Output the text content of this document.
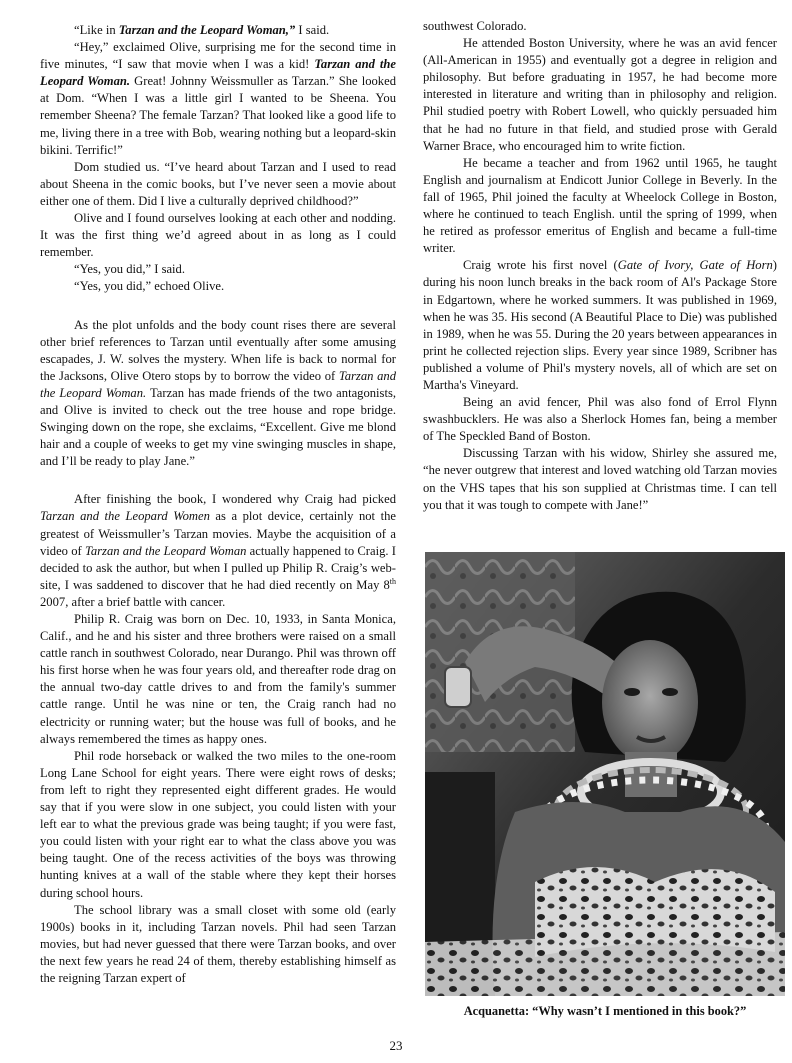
“Like in Tarzan and the Leopard Woman,” I said.

“Hey,” exclaimed Olive, surprising me for the second time in five minutes, “I saw that movie when I was a kid! Tarzan and the Leopard Woman. Great! Johnny Weissmuller as Tarzan.” She looked at Dom. “When I was a little girl I wanted to be Sheena. You remember Sheena? The female Tarzan? That looked like a good life to me, living there in a tree with Bob, wearing nothing but a leopard-skin bikini. Terrific!”

Dom studied us. “I’ve heard about Tarzan and I used to read about Sheena in the comic books, but I’ve never seen a movie about either one of them. Did I live a culturally deprived childhood?”

Olive and I found ourselves looking at each other and nodding. It was the first thing we’d agreed about in as long as I could remember.

“Yes, you did,” I said.

“Yes, you did,” echoed Olive.

As the plot unfolds and the body count rises there are several other brief references to Tarzan until eventually after some amusing escapades, J. W. solves the mystery. When life is back to normal for the Jacksons, Olive Otero stops by to borrow the video of Tarzan and the Leopard Woman. Tarzan has made friends of the two antagonists, and Olive is invited to check out the tree house and rope bridge. Swinging down on the rope, she exclaims, “Excellent. Give me blond hair and a couple of weeks to get my vine swinging muscles in shape, and I’ll be ready to play Jane.”

After finishing the book, I wondered why Craig had picked Tarzan and the Leopard Women as a plot device, certainly not the greatest of Weissmuller’s Tarzan movies. Maybe the acquisition of a video of Tarzan and the Leopard Woman actually happened to Craig. I decided to ask the author, but when I pulled up Philip R. Craig’s web-site, I was saddened to discover that he had died recently on May 8th 2007, after a brief battle with cancer.

Philip R. Craig was born on Dec. 10, 1933, in Santa Monica, Calif., and he and his sister and three brothers were raised on a small cattle ranch in southwest Colorado, near Durango. Phil was thrown off his first horse when he was four years old, and thereafter rode drag on the annual two-day cattle drives to and from the family's summer cattle range. Until he was nine or ten, the Craig ranch had no electricity or running water; but the house was full of books, and he always remembered the times as happy ones.

Phil rode horseback or walked the two miles to the one-room Long Lane School for eight years. There were eight rows of desks; from left to right they represented eight different grades. He would say that if you were slow in one subject, you could listen with your left ear to what the previous grade was being taught; if you were fast, you could listen with your right ear to what the class above you was being taught. One of the recess activities of the boys was throwing hunting knives at a wall of the stable where they kept their horses during school hours.

The school library was a small closet with some old (early 1900s) books in it, including Tarzan novels. Phil had seen Tarzan movies, but had never guessed that there were Tarzan books, and over the next few years he read 24 of them, thereby establishing himself as the reigning Tarzan expert of

southwest Colorado.

He attended Boston University, where he was an avid fencer (All-American in 1955) and eventually got a degree in religion and philosophy. But before graduating in 1957, he had become more interested in literature and writing than in philosophy and religion. Phil studied poetry with Robert Lowell, who quickly persuaded him that he had no future in that field, and studied prose with Gerald Warner Brace, who encouraged him to write fiction.

He became a teacher and from 1962 until 1965, he taught English and journalism at Endicott Junior College in Beverly. In the fall of 1965, Phil joined the faculty at Wheelock College in Boston, where he continued to teach English. until the spring of 1999, when he retired as professor emeritus of English and became a full-time writer.

Craig wrote his first novel (Gate of Ivory, Gate of Horn) during his noon lunch breaks in the back room of Al's Package Store in Edgartown, where he worked summers. It was published in 1969, when he was 35. His second (A Beautiful Place to Die) was published in 1989, when he was 55. During the 20 years between appearances in print he collected rejection slips. Every year since 1989, Scribner has published a volume of Phil's mystery novels, all of which are set on Martha's Vineyard.

Being an avid fencer, Phil was also fond of Errol Flynn swashbucklers. He was also a Sherlock Homes fan, being a member of The Speckled Band of Boston.

Discussing Tarzan with his widow, Shirley she assured me, “he never outgrew that interest and loved watching old Tarzan movies on the VHS tapes that his son supplied at Christmas time. I can tell you that it was tough to compete with Jane!”

Acquanetta: “Why wasn’t I mentioned in this book?”
23
